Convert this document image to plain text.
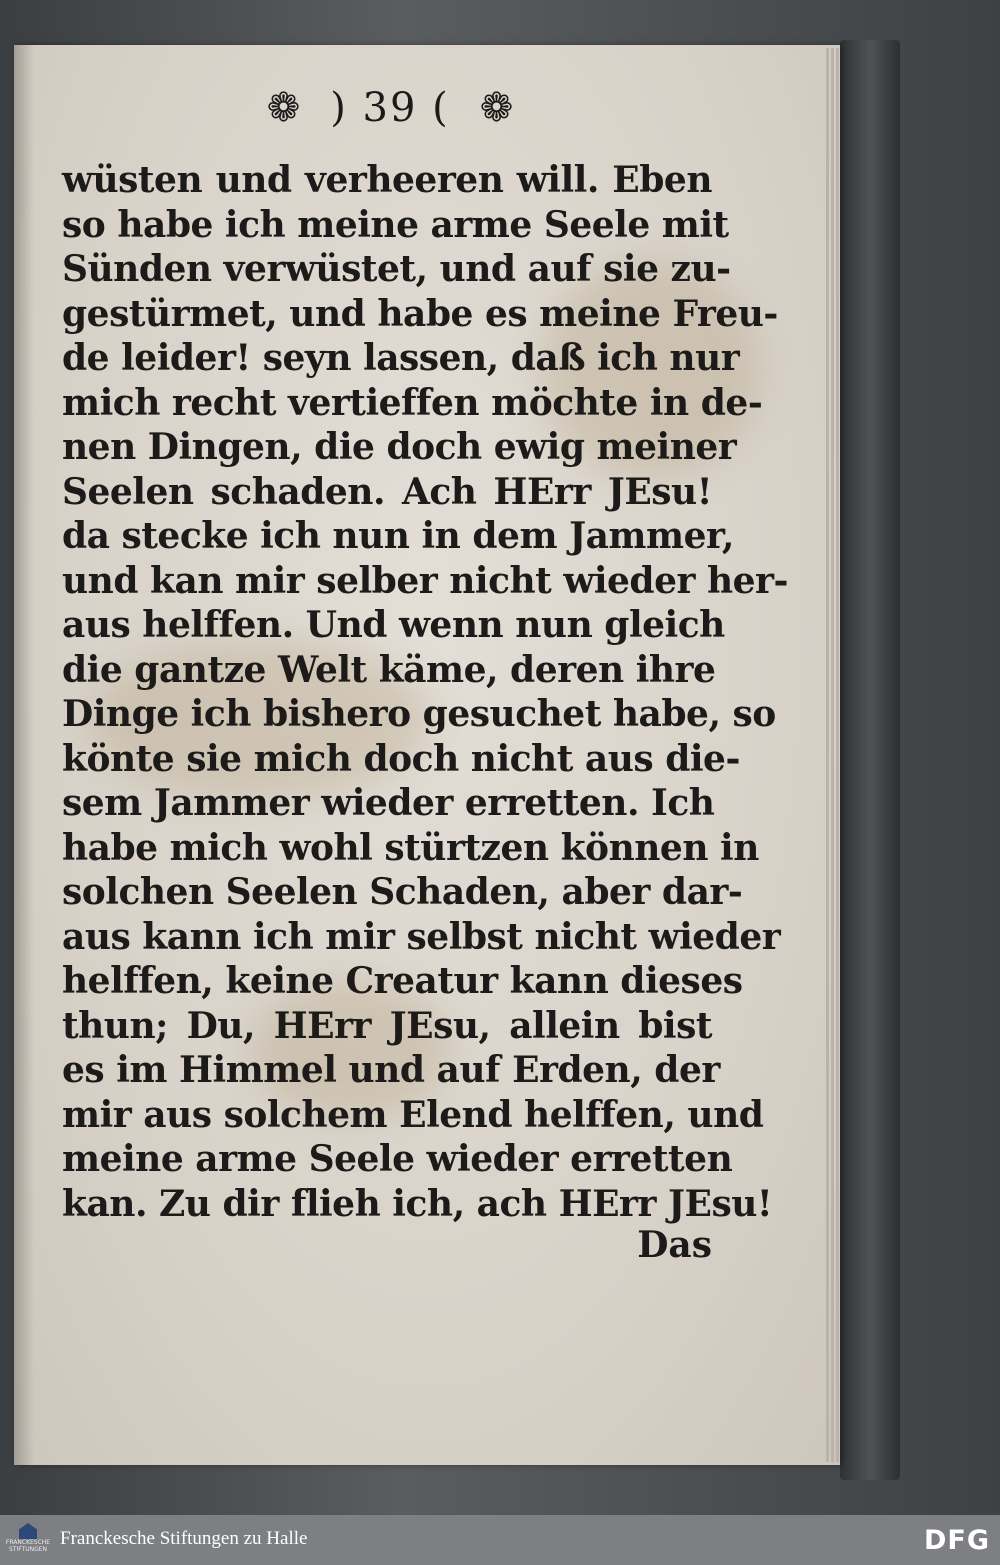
❁ ) 39 ( ❁
wüsten und verheeren will. Eben
so habe ich meine arme Seele mit
Sünden verwüstet, und auf sie zu-
gestürmet, und habe es meine Freu-
de leider! seyn lassen, daß ich nur
mich recht vertieffen möchte in de-
nen Dingen, die doch ewig meiner
Seelen schaden. Ach HErr JEsu!
da stecke ich nun in dem Jammer,
und kan mir selber nicht wieder her-
aus helffen. Und wenn nun gleich
die gantze Welt käme, deren ihre
Dinge ich bishero gesuchet habe, so
könte sie mich doch nicht aus die-
sem Jammer wieder erretten. Ich
habe mich wohl stürtzen können in
solchen Seelen Schaden, aber dar-
aus kann ich mir selbst nicht wieder
helffen, keine Creatur kann dieses
thun; Du, HErr JEsu, allein bist
es im Himmel und auf Erden, der
mir aus solchem Elend helffen, und
meine arme Seele wieder erretten
kan. Zu dir flieh ich, ach HErr JEsu!
Das
FRANCKESCHE STIFTUNGEN
Franckesche Stiftungen zu Halle	DFG
